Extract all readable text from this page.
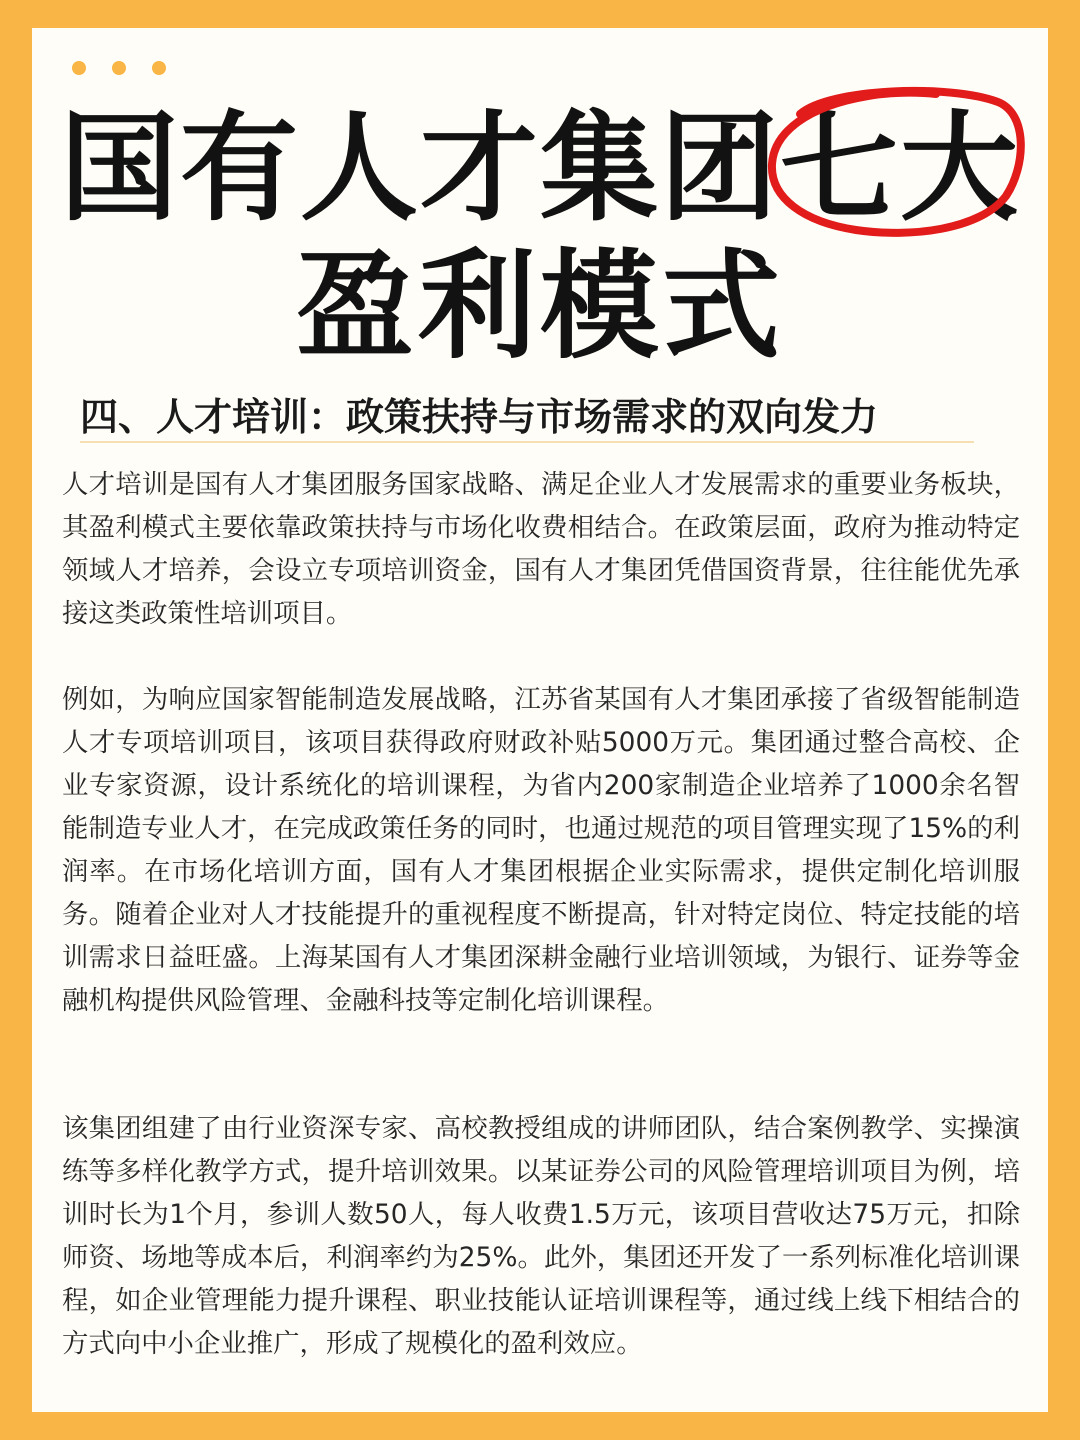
国有人才集团七大
盈利模式
四、人才培训：政策扶持与市场需求的双向发力

人才培训是国有人才集团服务国家战略、满足企业人才发展需求的重要业务板块，其盈利模式主要依靠政策扶持与市场化收费相结合。在政策层面，政府为推动特定领域人才培养，会设立专项培训资金，国有人才集团凭借国资背景，往往能优先承接这类政策性培训项目。

例如，为响应国家智能制造发展战略，江苏省某国有人才集团承接了省级智能制造人才专项培训项目，该项目获得政府财政补贴5000万元。集团通过整合高校、企业专家资源，设计系统化的培训课程，为省内200家制造企业培养了1000余名智能制造专业人才，在完成政策任务的同时，也通过规范的项目管理实现了15%的利润率。在市场化培训方面，国有人才集团根据企业实际需求，提供定制化培训服务。随着企业对人才技能提升的重视程度不断提高，针对特定岗位、特定技能的培训需求日益旺盛。上海某国有人才集团深耕金融行业培训领域，为银行、证券等金融机构提供风险管理、金融科技等定制化培训课程。

该集团组建了由行业资深专家、高校教授组成的讲师团队，结合案例教学、实操演练等多样化教学方式，提升培训效果。以某证券公司的风险管理培训项目为例，培训时长为1个月，参训人数50人，每人收费1.5万元，该项目营收达75万元，扣除师资、场地等成本后，利润率约为25%。此外，集团还开发了一系列标准化培训课程，如企业管理能力提升课程、职业技能认证培训课程等，通过线上线下相结合的方式向中小企业推广，形成了规模化的盈利效应。
